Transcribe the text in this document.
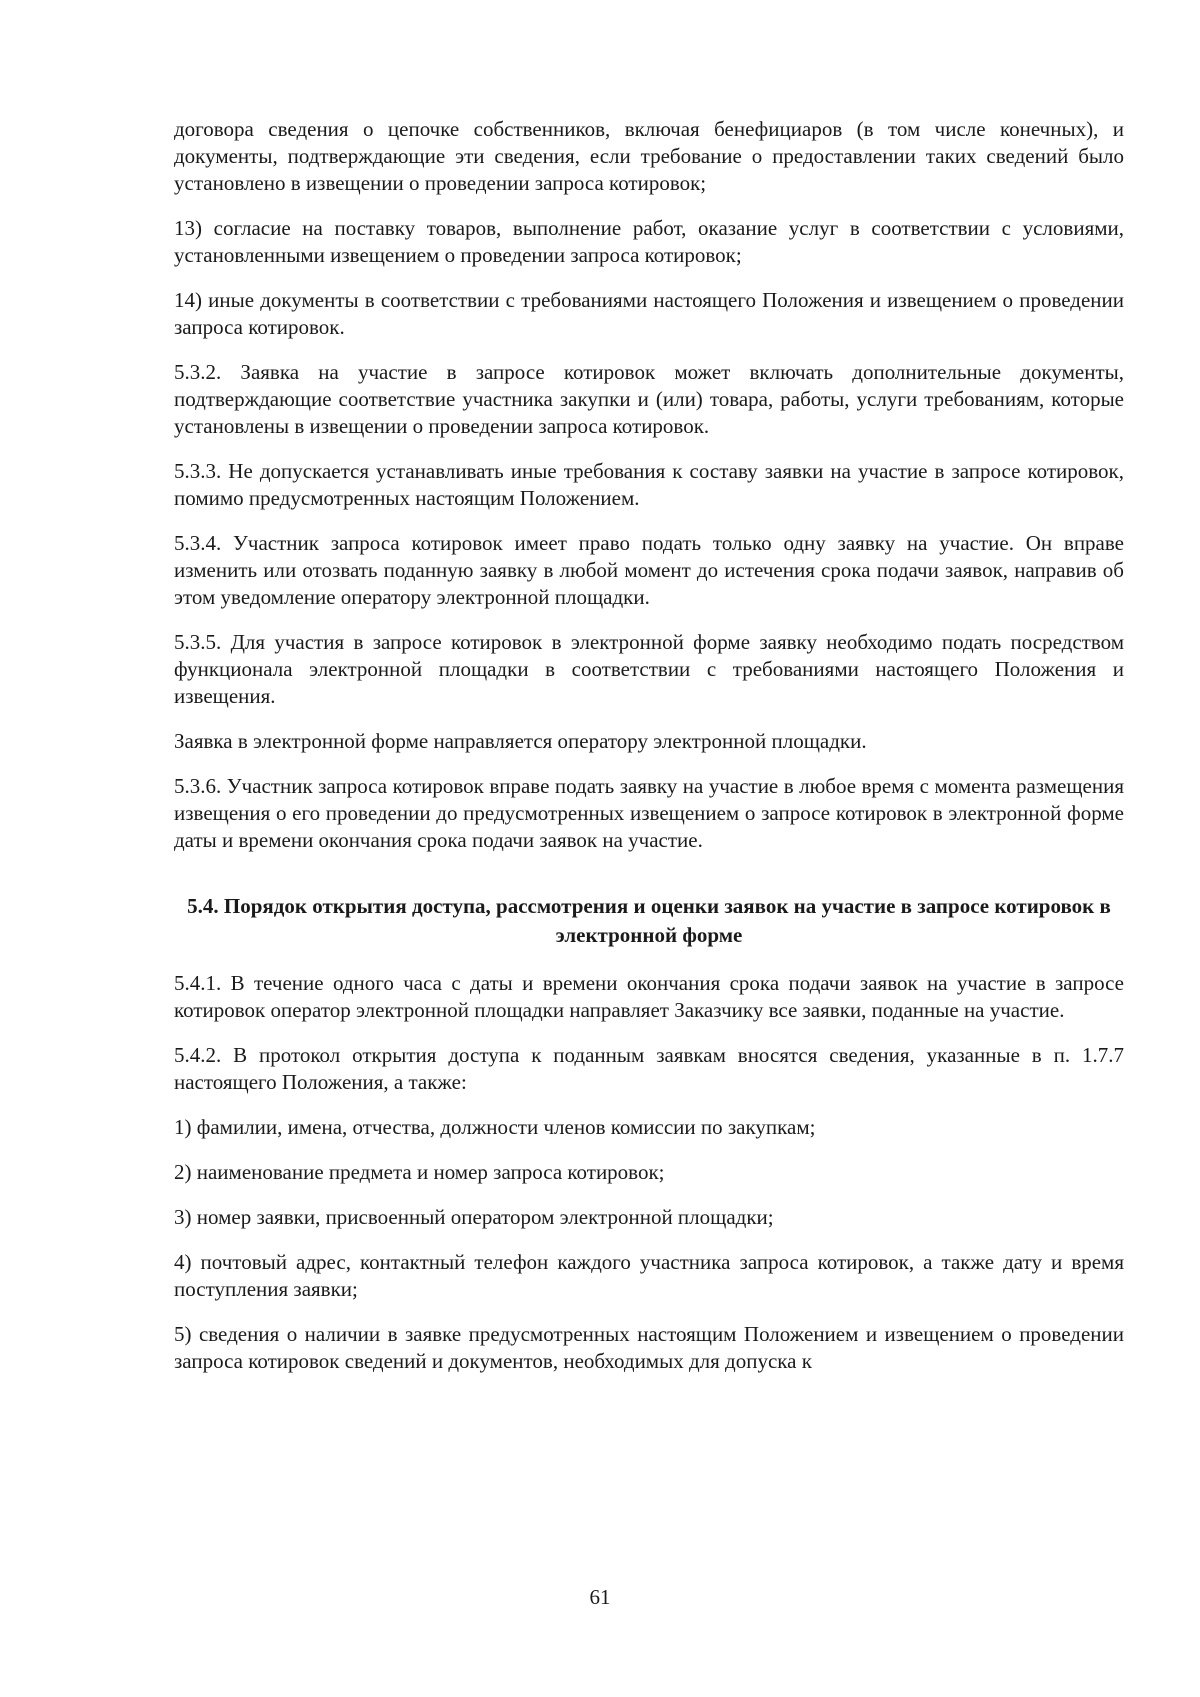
договора сведения о цепочке собственников, включая бенефициаров (в том числе конечных), и документы, подтверждающие эти сведения, если требование о предоставлении таких сведений было установлено в извещении о проведении запроса котировок;

13) согласие на поставку товаров, выполнение работ, оказание услуг в соответствии с условиями, установленными извещением о проведении запроса котировок;

14) иные документы в соответствии с требованиями настоящего Положения и извещением о проведении запроса котировок.

5.3.2. Заявка на участие в запросе котировок может включать дополнительные документы, подтверждающие соответствие участника закупки и (или) товара, работы, услуги требованиям, которые установлены в извещении о проведении запроса котировок.

5.3.3. Не допускается устанавливать иные требования к составу заявки на участие в запросе котировок, помимо предусмотренных настоящим Положением.

5.3.4. Участник запроса котировок имеет право подать только одну заявку на участие. Он вправе изменить или отозвать поданную заявку в любой момент до истечения срока подачи заявок, направив об этом уведомление оператору электронной площадки.

5.3.5. Для участия в запросе котировок в электронной форме заявку необходимо подать посредством функционала электронной площадки в соответствии с требованиями настоящего Положения и извещения.

Заявка в электронной форме направляется оператору электронной площадки.

5.3.6. Участник запроса котировок вправе подать заявку на участие в любое время с момента размещения извещения о его проведении до предусмотренных извещением о запросе котировок в электронной форме даты и времени окончания срока подачи заявок на участие.

5.4. Порядок открытия доступа, рассмотрения и оценки заявок на участие в запросе котировок в электронной форме

5.4.1. В течение одного часа с даты и времени окончания срока подачи заявок на участие в запросе котировок оператор электронной площадки направляет Заказчику все заявки, поданные на участие.

5.4.2. В протокол открытия доступа к поданным заявкам вносятся сведения, указанные в п. 1.7.7 настоящего Положения, а также:

1) фамилии, имена, отчества, должности членов комиссии по закупкам;

2) наименование предмета и номер запроса котировок;

3) номер заявки, присвоенный оператором электронной площадки;

4) почтовый адрес, контактный телефон каждого участника запроса котировок, а также дату и время поступления заявки;

5) сведения о наличии в заявке предусмотренных настоящим Положением и извещением о проведении запроса котировок сведений и документов, необходимых для допуска к

61
